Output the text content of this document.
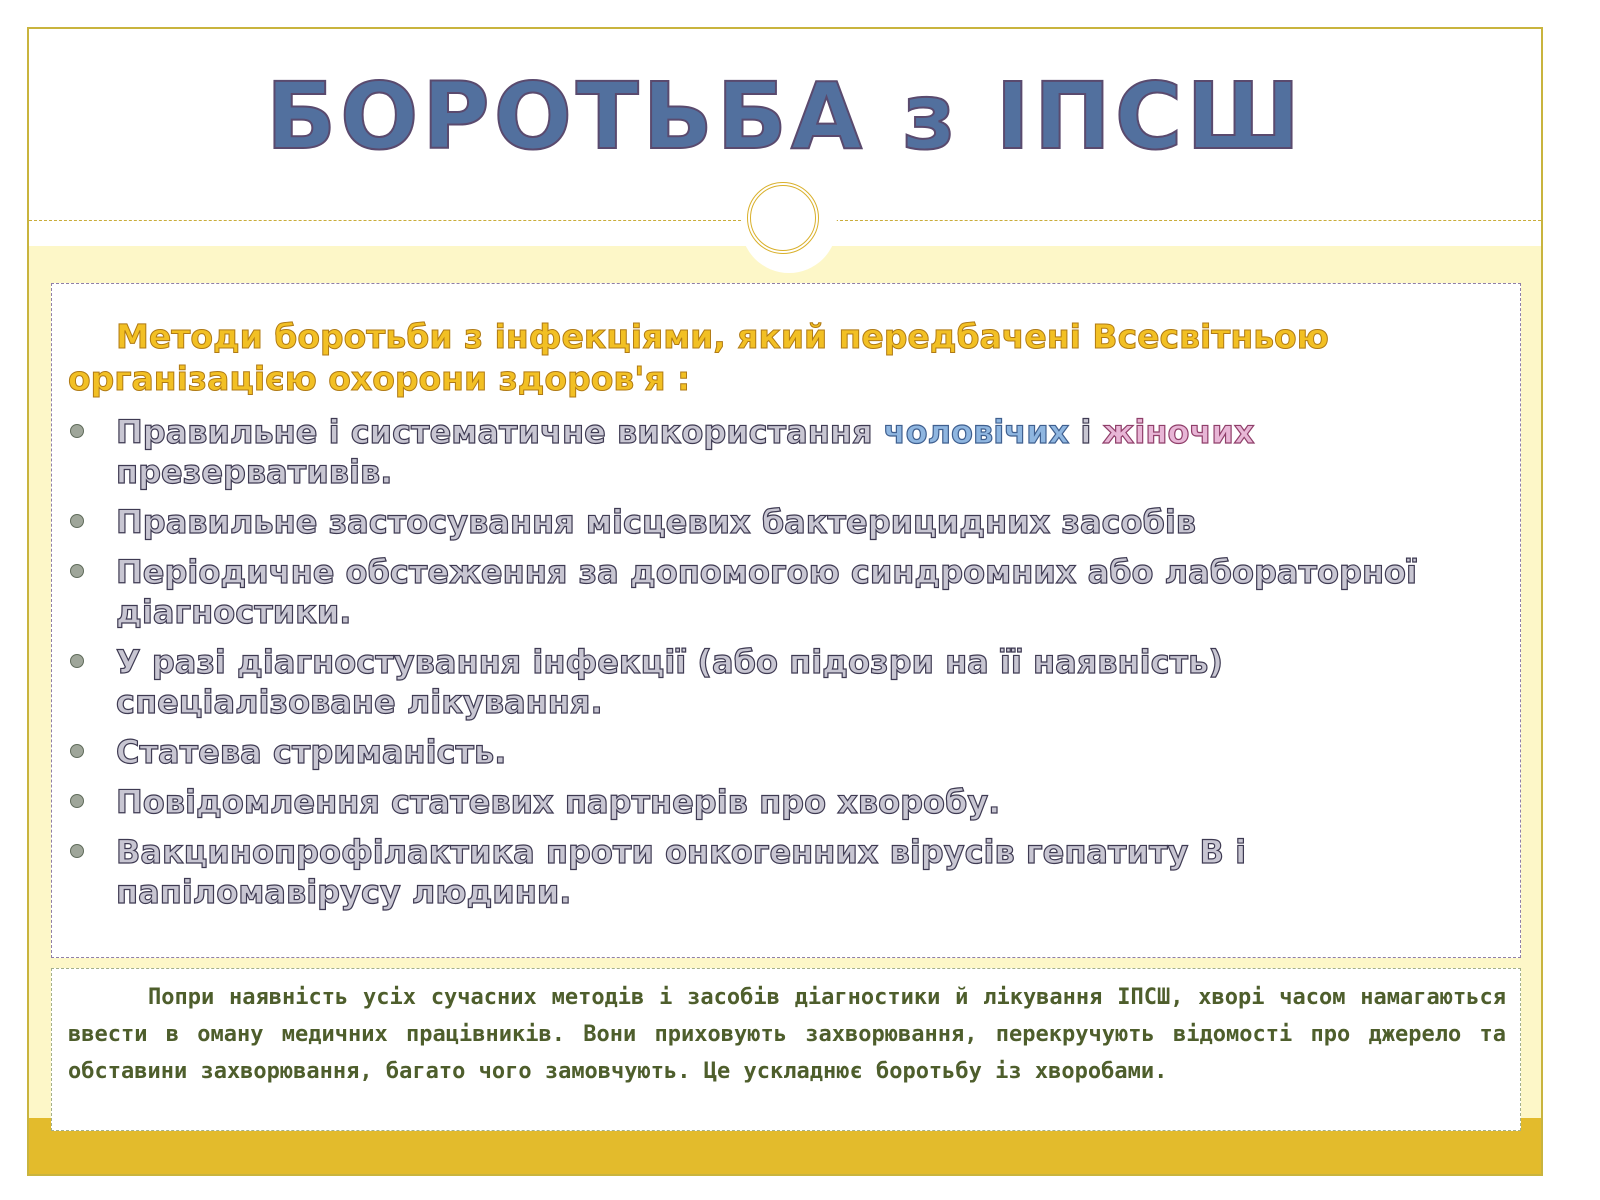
БОРОТЬБА з ІПСШ

Методи боротьби з інфекціями, який передбачені Всесвітньою організацією охорони здоров'я :

Правильне і систематичне використання чоловічих і жіночих презервативів.
Правильне застосування місцевих бактерицидних засобів
Періодичне обстеження за допомогою синдромних або лабораторної діагностики.
У разі діагностування інфекції (або підозри на її наявність) спеціалізоване лікування.
Статева стриманість.
Повідомлення статевих партнерів про хворобу.
Вакцинопрофілактика проти онкогенних вірусів гепатиту В і папіломавірусу людини.

Попри наявність усіх сучасних методів і засобів діагностики й лікування ІПСШ, хворі часом намагаються ввести в оману медичних працівників. Вони приховують захворювання, перекручують відомості про джерело та обставини захворювання, багато чого замовчують. Це ускладнює боротьбу із хворобами.
